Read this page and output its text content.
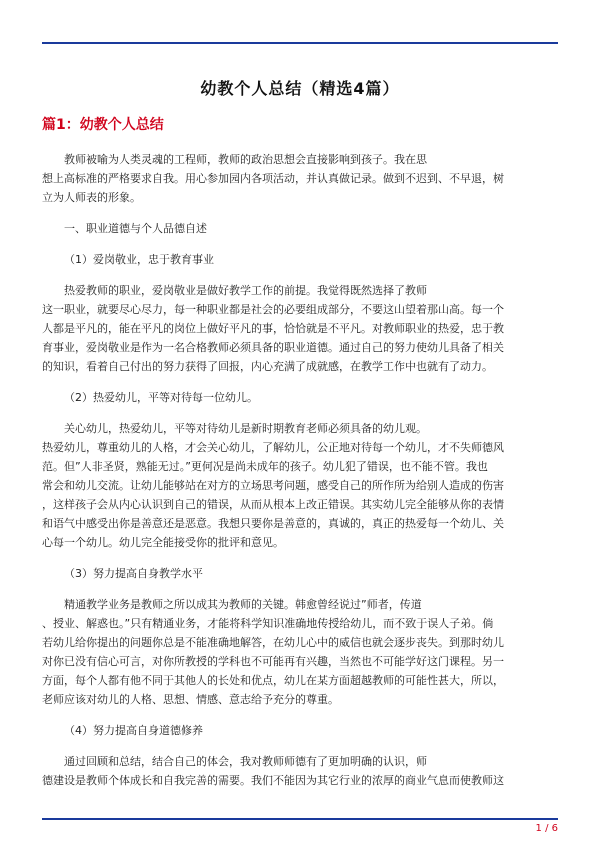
幼教个人总结（精选4篇）
篇1：幼教个人总结
教师被喻为人类灵魂的工程师，教师的政治思想会直接影响到孩子。我在思
想上高标准的严格要求自我。用心参加园内各项活动，并认真做记录。做到不迟到、不早退，树
立为人师表的形象。
一、职业道德与个人品德自述
（1）爱岗敬业，忠于教育事业
热爱教师的职业，爱岗敬业是做好教学工作的前提。我觉得既然选择了教师
这一职业，就要尽心尽力，每一种职业都是社会的必要组成部分，不要这山望着那山高。每一个
人都是平凡的，能在平凡的岗位上做好平凡的事，恰恰就是不平凡。对教师职业的热爱，忠于教
育事业，爱岗敬业是作为一名合格教师必须具备的职业道德。通过自己的努力使幼儿具备了相关
的知识，看着自己付出的努力获得了回报，内心充满了成就感，在教学工作中也就有了动力。
（2）热爱幼儿，平等对待每一位幼儿。
关心幼儿，热爱幼儿，平等对待幼儿是新时期教育老师必须具备的幼儿观。
热爱幼儿，尊重幼儿的人格，才会关心幼儿，了解幼儿，公正地对待每一个幼儿，才不失师德风
范。但”人非圣贤，熟能无过。”更何况是尚未成年的孩子。幼儿犯了错误，也不能不管。我也
常会和幼儿交流。让幼儿能够站在对方的立场思考问题，感受自己的所作所为给别人造成的伤害
，这样孩子会从内心认识到自己的错误，从而从根本上改正错误。其实幼儿完全能够从你的表情
和语气中感受出你是善意还是恶意。我想只要你是善意的，真诚的，真正的热爱每一个幼儿、关
心每一个幼儿。幼儿完全能接受你的批评和意见。
（3）努力提高自身教学水平
精通教学业务是教师之所以成其为教师的关键。韩愈曾经说过”师者，传道
、授业、解惑也。”只有精通业务，才能将科学知识准确地传授给幼儿，而不致于误人子弟。倘
若幼儿给你提出的问题你总是不能准确地解答，在幼儿心中的威信也就会逐步丧失。到那时幼儿
对你已没有信心可言，对你所教授的学科也不可能再有兴趣，当然也不可能学好这门课程。另一
方面，每个人都有他不同于其他人的长处和优点，幼儿在某方面超越教师的可能性甚大，所以，
老师应该对幼儿的人格、思想、情感、意志给予充分的尊重。
（4）努力提高自身道德修养
通过回顾和总结，结合自己的体会，我对教师师德有了更加明确的认识，师
德建设是教师个体成长和自我完善的需要。我们不能因为其它行业的浓厚的商业气息而使教师这
1 / 6
